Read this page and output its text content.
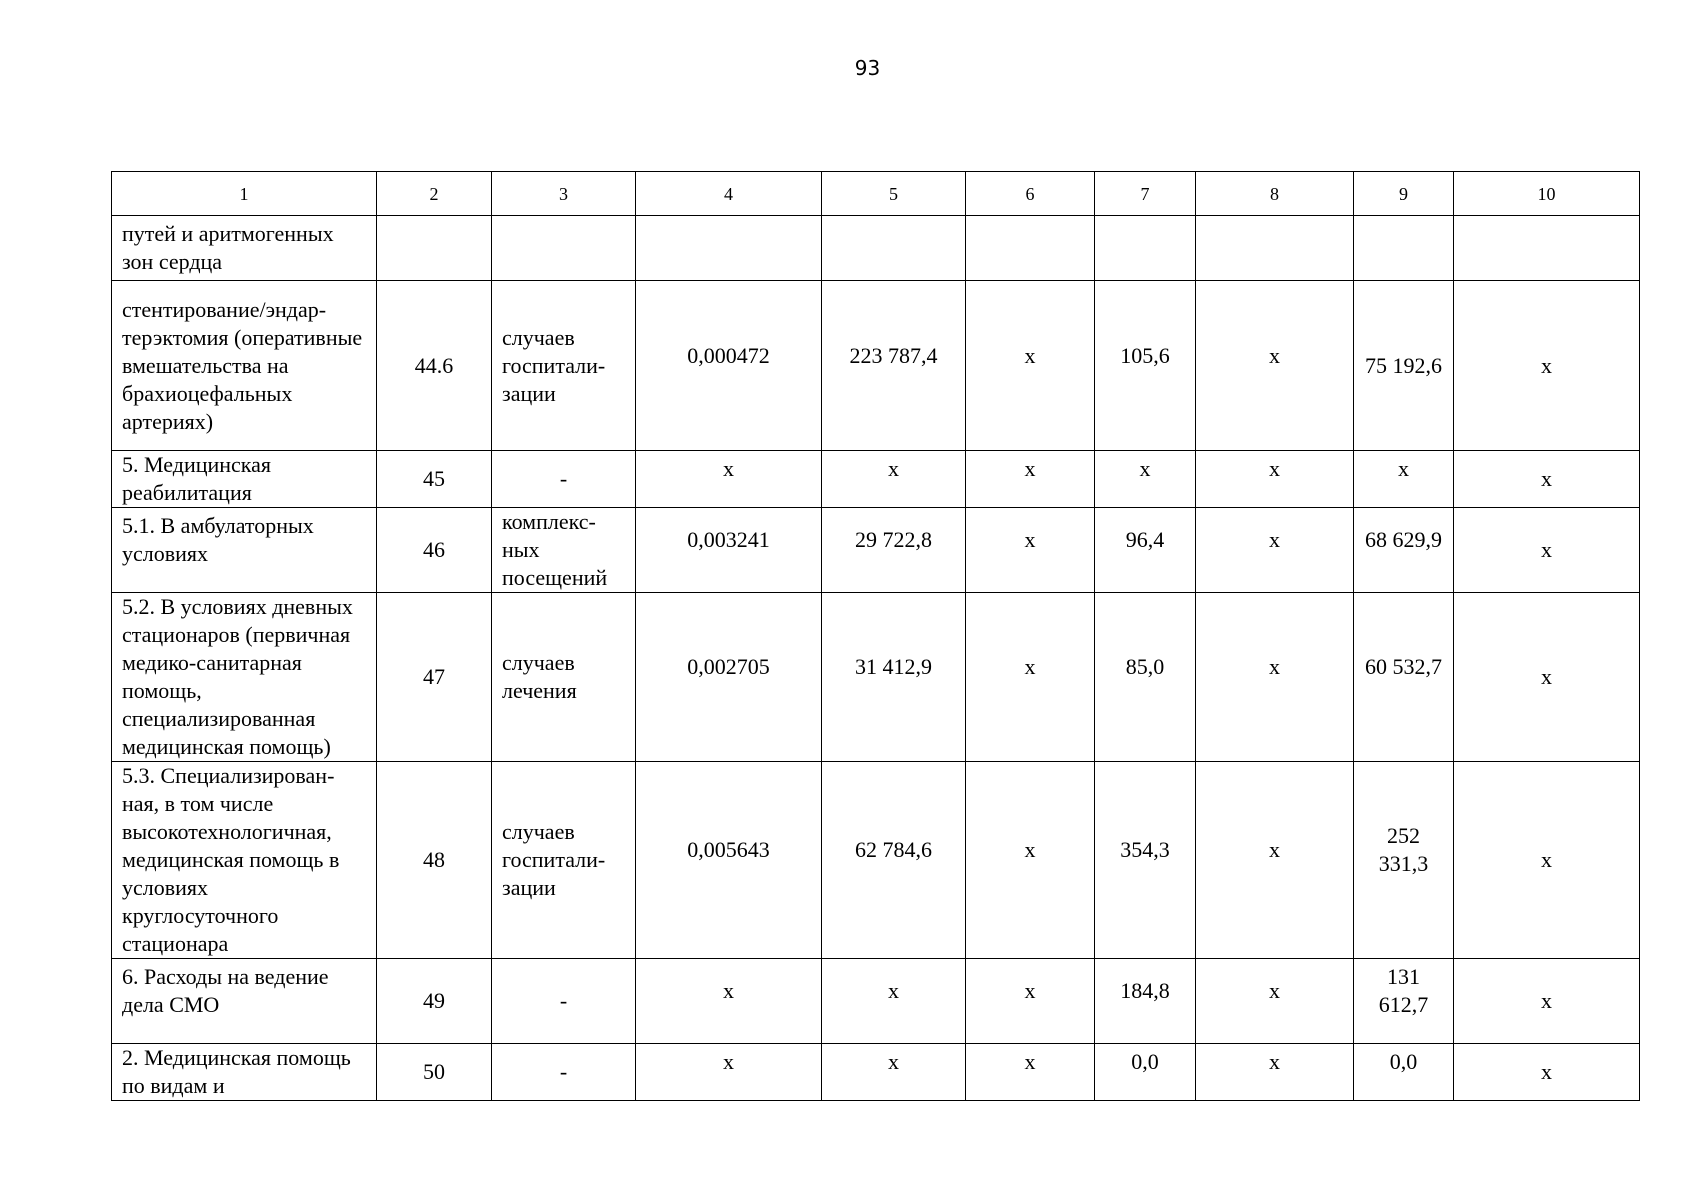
93
1	2	3	4	5	6	7	8	9	10
путей и аритмогенных зон сердца									
стентирование/эндар-терэктомия (оперативные вмешательства на брахиоцефальных артериях)	44.6	случаев госпитали-зации	0,000472	223 787,4	х	105,6	х	75 192,6	х
5. Медицинская реабилитация	45	-	х	х	х	х	х	х	х

5.1. В амбулаторных условиях	46	комплекс-ных посещений	0,003241	29 722,8	х	96,4	х	68 629,9	х
5.2. В условиях дневных стационаров (первичная медико-санитарная помощь, специализированная медицинская помощь)	47	случаев лечения	0,002705	31 412,9	х	85,0	х	60 532,7	х
5.3. Специализирован-ная, в том числе высокотехнологичная, медицинская помощь в условиях круглосуточного стационара	48	случаев госпитали-зации	0,005643	62 784,6	х	354,3	х	252 331,3	х

6. Расходы на ведение дела СМО	49	-	х	х	х	184,8	х	131 612,7	х
2. Медицинская помощь по видам и	50	-	х	х	х	0,0	х	0,0	х
